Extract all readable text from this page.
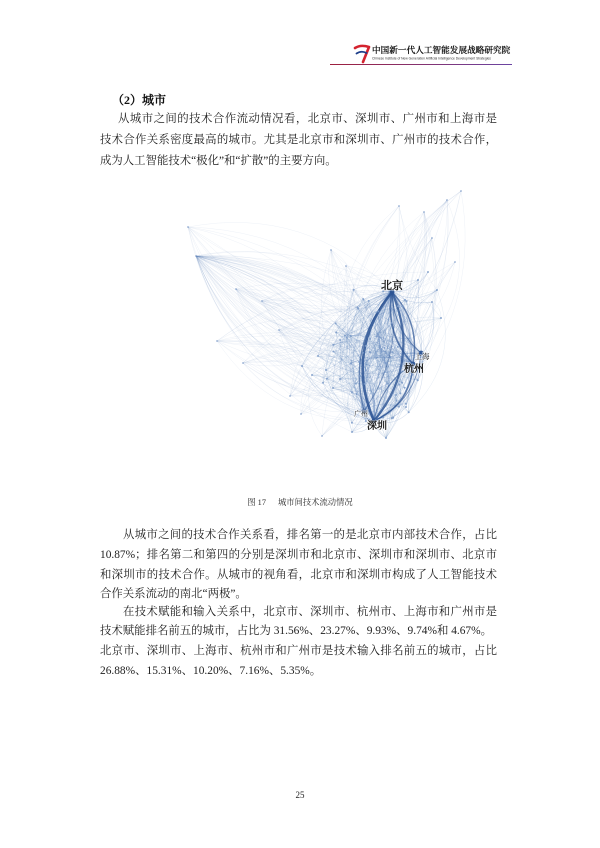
中国新一代人工智能发展战略研究院
Chinese Institute of New Generation Artificial Intelligence Development Strategies
（2）城市
从城市之间的技术合作流动情况看，北京市、深圳市、广州市和上海市是
技术合作关系密度最高的城市。尤其是北京市和深圳市、广州市的技术合作，
成为人工智能技术“极化”和“扩散”的主要方向。
北京
上海
杭州
广州
深圳
图 17 城市间技术流动情况
从城市之间的技术合作关系看，排名第一的是北京市内部技术合作，占比
10.87%；排名第二和第四的分别是深圳市和北京市、深圳市和深圳市、北京市
和深圳市的技术合作。从城市的视角看，北京市和深圳市构成了人工智能技术
合作关系流动的南北“两极”。
在技术赋能和输入关系中，北京市、深圳市、杭州市、上海市和广州市是
技术赋能排名前五的城市，占比为 31.56%、23.27%、9.93%、9.74%和 4.67%。
北京市、深圳市、上海市、杭州市和广州市是技术输入排名前五的城市，占比
26.88%、15.31%、10.20%、7.16%、5.35%。
25
